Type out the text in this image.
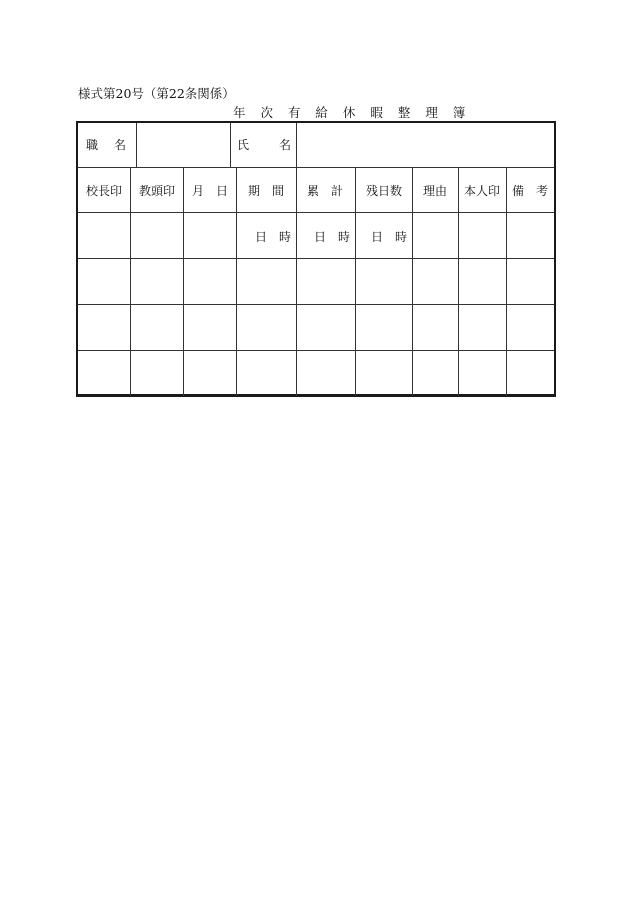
様式第20号（第22条関係）
年 次 有 給 休 暇 整 理 簿
職　名	氏　　名
校長印 教頭印 月　日 期　間 累　計 残日数 理由 本人印 備　考
日　時 日　時 日　時
